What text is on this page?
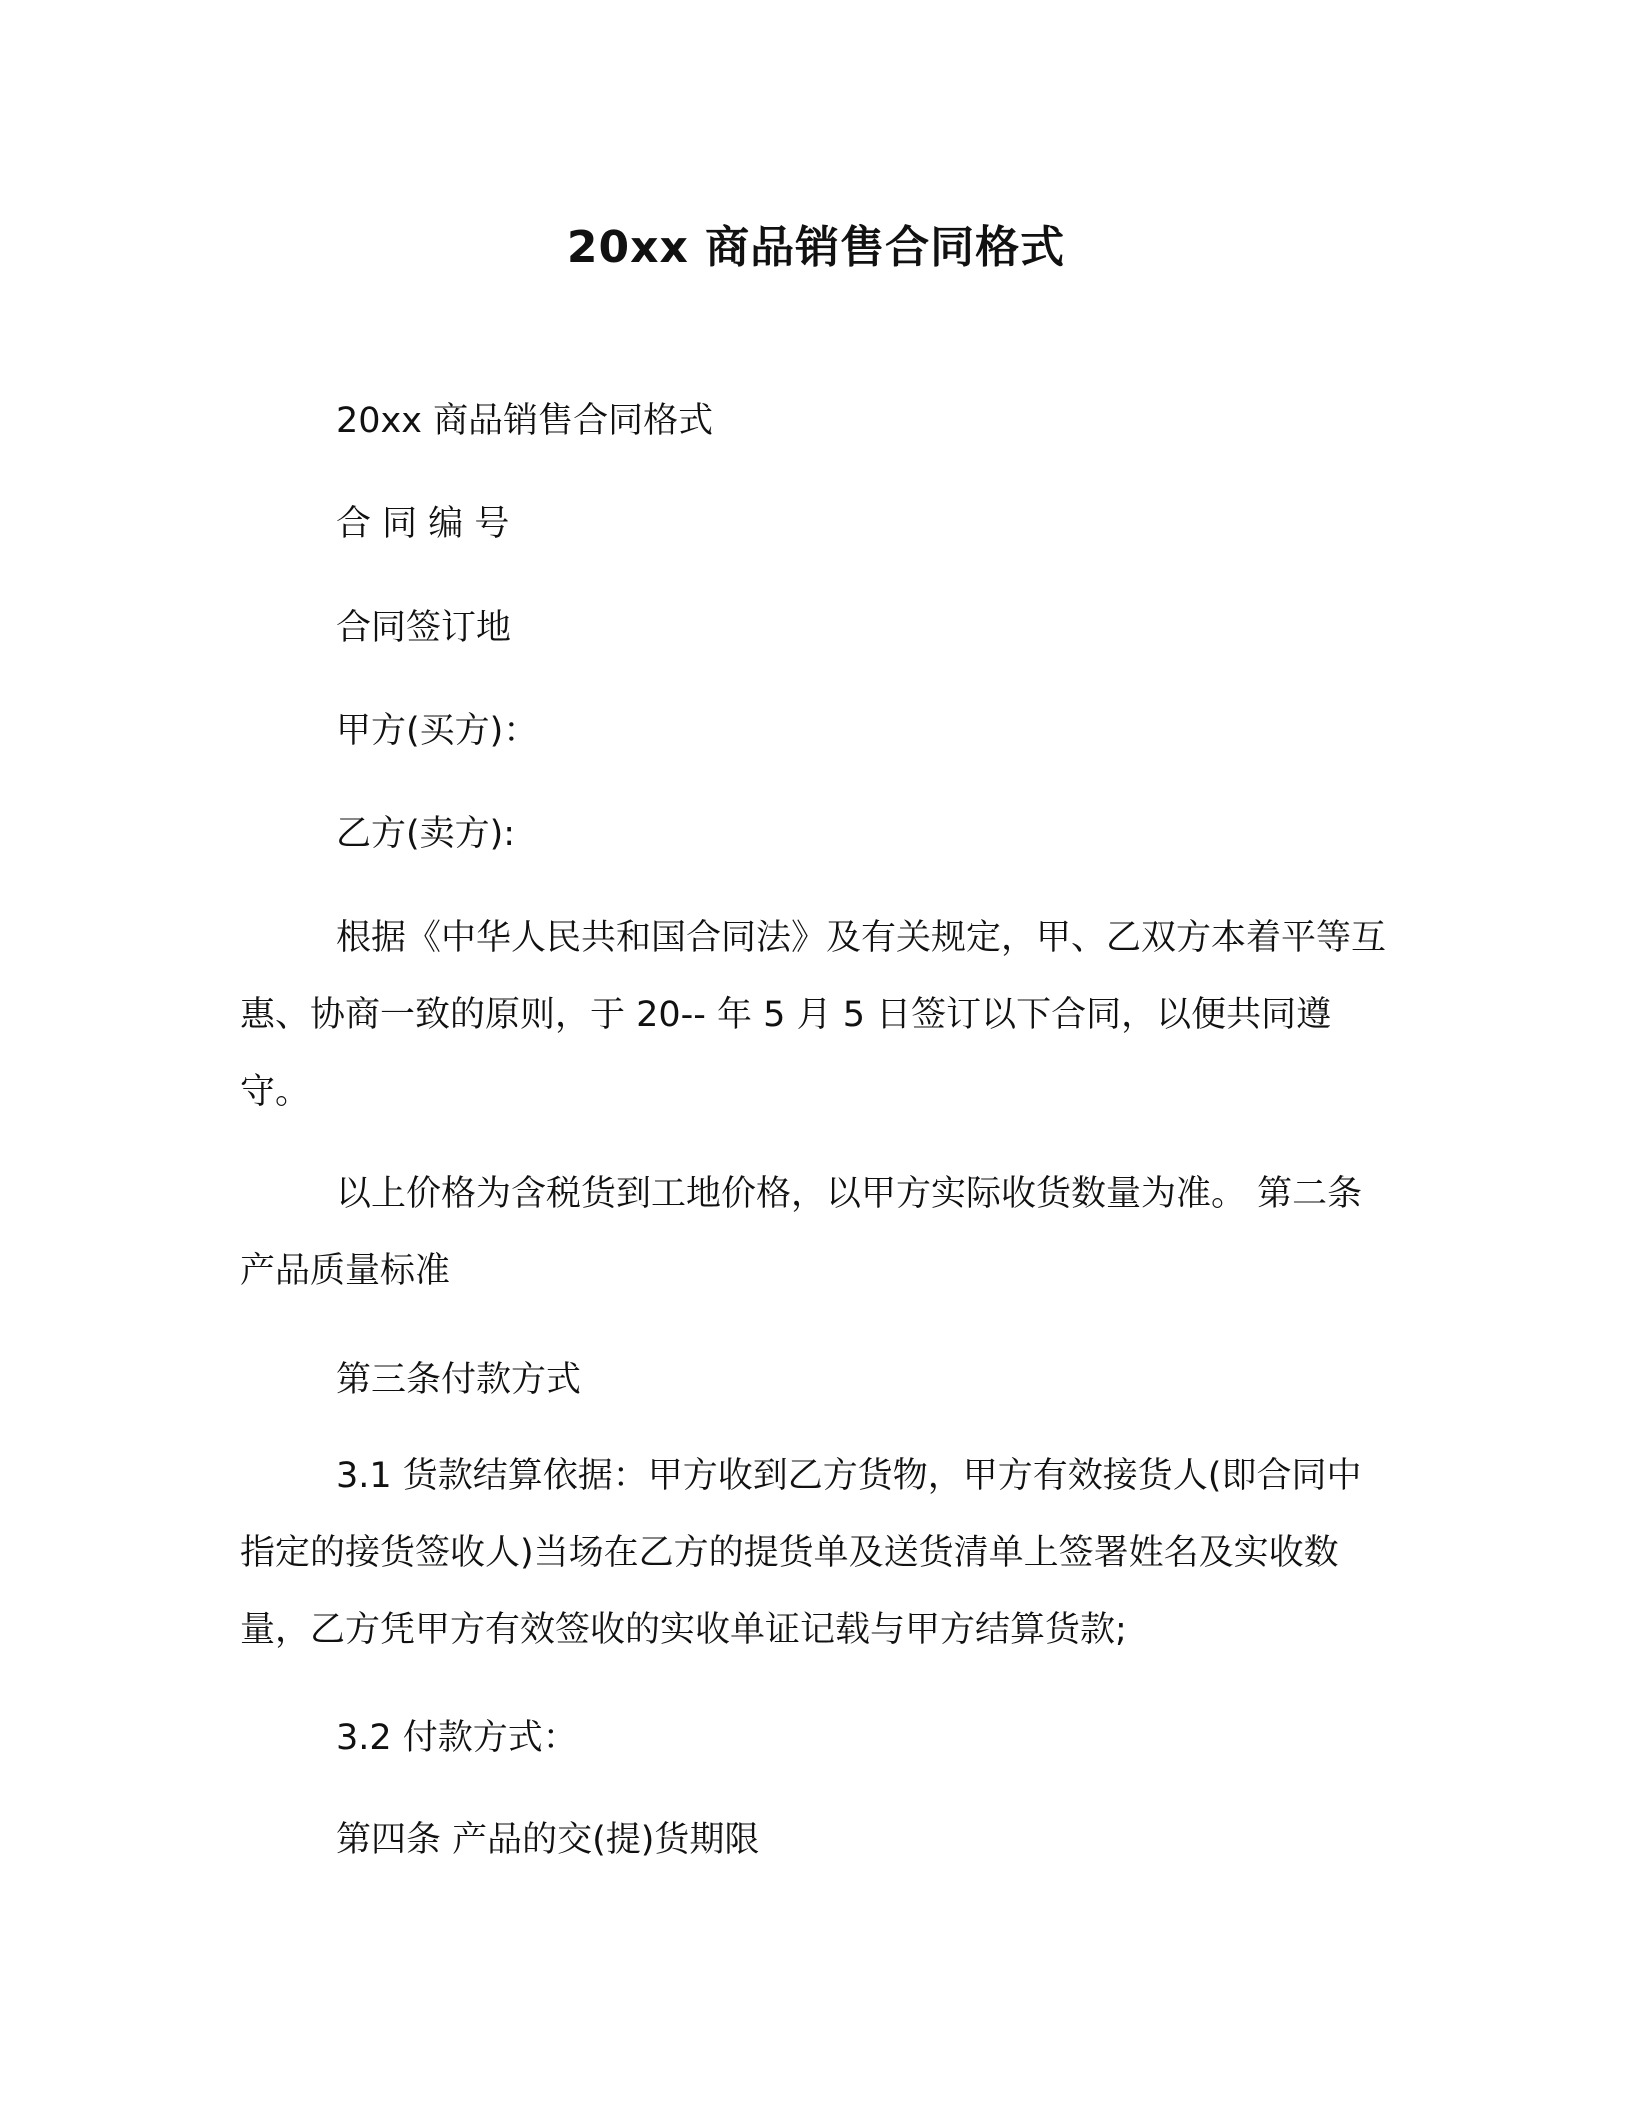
20xx 商品销售合同格式

20xx 商品销售合同格式

合 同 编 号

合同签订地

甲方(买方)：

乙方(卖方):

根据《中华人民共和国合同法》及有关规定，甲、乙双方本着平等互惠、协商一致的原则，于 20-- 年 5 月 5 日签订以下合同，以便共同遵守。

以上价格为含税货到工地价格，以甲方实际收货数量为准。 第二条产品质量标准

第三条付款方式

3.1 货款结算依据：甲方收到乙方货物，甲方有效接货人(即合同中指定的接货签收人)当场在乙方的提货单及送货清单上签署姓名及实收数量，乙方凭甲方有效签收的实收单证记载与甲方结算货款;

3.2 付款方式：

第四条 产品的交(提)货期限
